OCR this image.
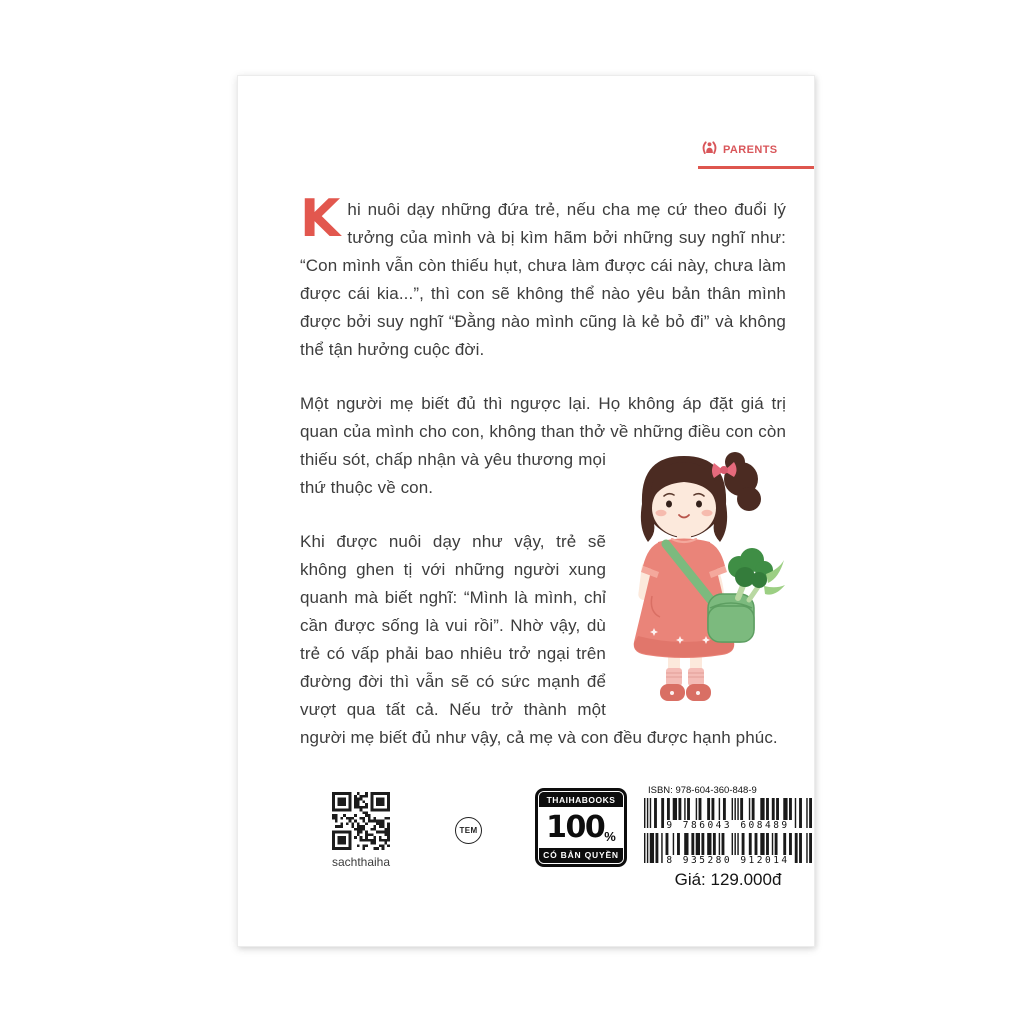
PARENTS

Khi nuôi dạy những đứa trẻ, nếu cha mẹ cứ theo đuổi lý tưởng của mình và bị kìm hãm bởi những suy nghĩ như: “Con mình vẫn còn thiếu hụt, chưa làm được cái này, chưa làm được cái kia...”, thì con sẽ không thể nào yêu bản thân mình được bởi suy nghĩ “Đằng nào mình cũng là kẻ bỏ đi” và không thể tận hưởng cuộc đời.

Một người mẹ biết đủ thì ngược lại. Họ không áp đặt giá trị quan của mình cho con, không than thở về những điều con còn thiếu sót, chấp nhận và yêu thương mọi thứ thuộc về con.

Khi được nuôi dạy như vậy, trẻ sẽ không ghen tị với những người xung quanh mà biết nghĩ: “Mình là mình, chỉ cần được sống là vui rồi”. Nhờ vậy, dù trẻ có vấp phải bao nhiêu trở ngại trên đường đời thì vẫn sẽ có sức mạnh để vượt qua tất cả. Nếu trở thành một người mẹ biết đủ như vậy, cả mẹ và con đều được hạnh phúc.

sachthaiha
TEM
THAIHABOOKS
100 %
CÓ BẢN QUYỀN
ISBN: 978-604-360-848-9
9 786043 608489
8 935280 912014
Giá: 129.000đ
